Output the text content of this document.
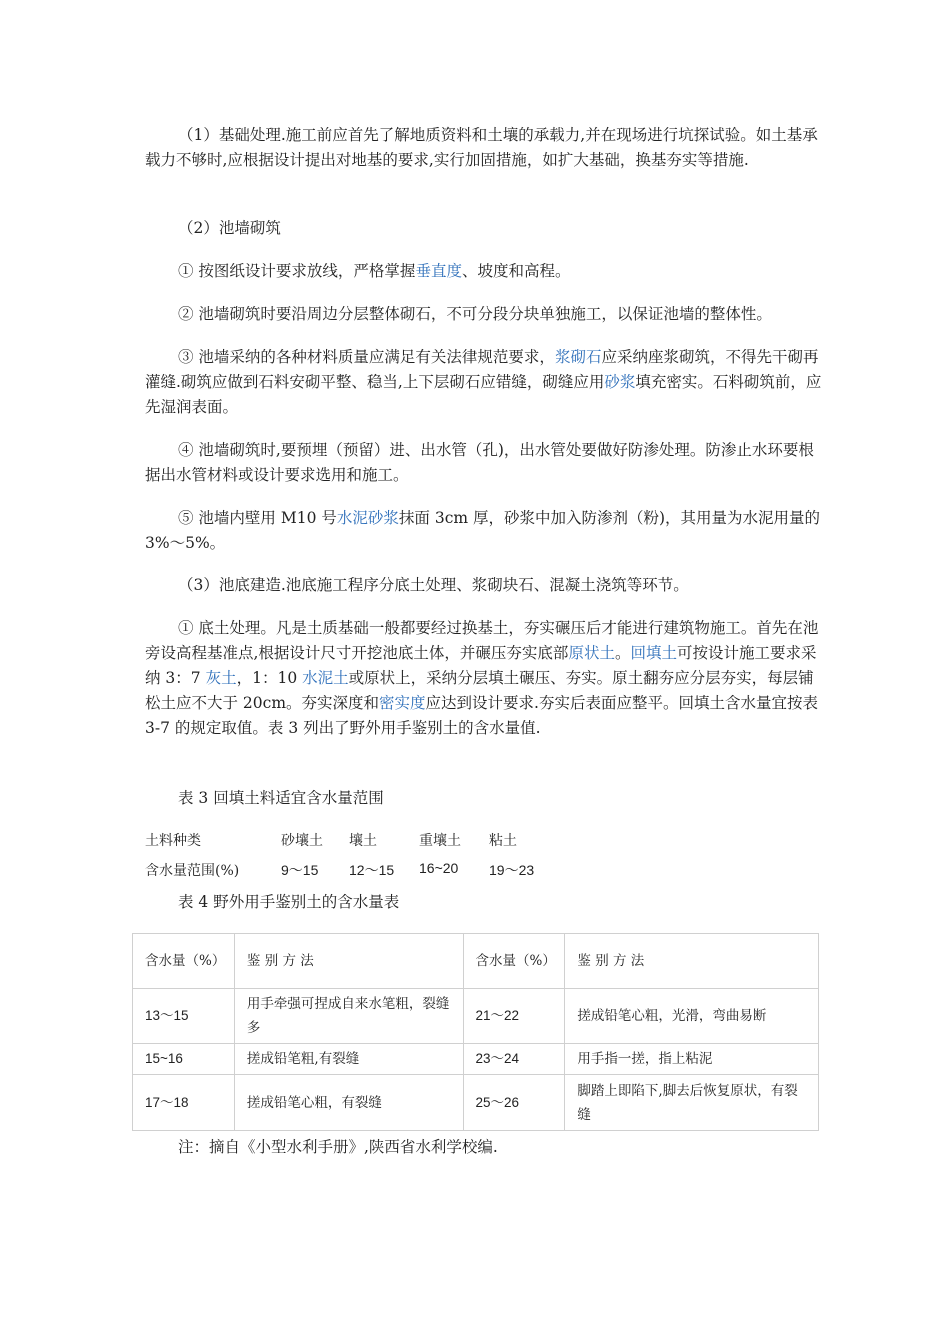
（1）基础处理.施工前应首先了解地质资料和土壤的承载力,并在现场进行坑探试验。如土基承载力不够时,应根据设计提出对地基的要求,实行加固措施，如扩大基础，换基夯实等措施.

（2）池墙砌筑

① 按图纸设计要求放线，严格掌握垂直度、坡度和高程。

② 池墙砌筑时要沿周边分层整体砌石，不可分段分块单独施工，以保证池墙的整体性。

③ 池墙采纳的各种材料质量应满足有关法律规范要求，浆砌石应采纳座浆砌筑，不得先干砌再灌缝.砌筑应做到石料安砌平整、稳当,上下层砌石应错缝，砌缝应用砂浆填充密实。石料砌筑前，应先湿润表面。

④ 池墙砌筑时,要预埋（预留）进、出水管（孔)，出水管处要做好防渗处理。防渗止水环要根据出水管材料或设计要求选用和施工。

⑤ 池墙内壁用 M10 号水泥砂浆抹面 3cm 厚，砂浆中加入防渗剂（粉)，其用量为水泥用量的 3%～5%。

（3）池底建造.池底施工程序分底土处理、浆砌块石、混凝土浇筑等环节。

① 底土处理。凡是土质基础一般都要经过换基土，夯实碾压后才能进行建筑物施工。首先在池旁设高程基准点,根据设计尺寸开挖池底土体，并碾压夯实底部原状土。回填土可按设计施工要求采纳 3：7 灰土，1：10 水泥土或原状上，采纳分层填土碾压、夯实。原土翻夯应分层夯实，每层铺松土应不大于 20cm。夯实深度和密实度应达到设计要求.夯实后表面应整平。回填土含水量宜按表 3-7 的规定取值。表 3 列出了野外用手鉴别土的含水量值.

表 3 回填土料适宜含水量范围
土料种类	砂壤土 壤土	重壤土 粘土
含水量范围(%)	9～15 12～15 16~20 19～23
表 4 野外用手鉴别土的含水量表
含水量（%）	鉴 别 方 法	含水量（%）	鉴 别 方 法
13～15	用手牵强可捏成自来水笔粗，裂缝多	21～22	搓成铅笔心粗，光滑，弯曲易断
15~16	搓成铅笔粗,有裂缝	23～24	用手指一搓，指上粘泥
17～18	搓成铅笔心粗，有裂缝	25～26	脚踏上即陷下,脚去后恢复原状，有裂缝
注：摘自《小型水利手册》,陕西省水利学校编.
